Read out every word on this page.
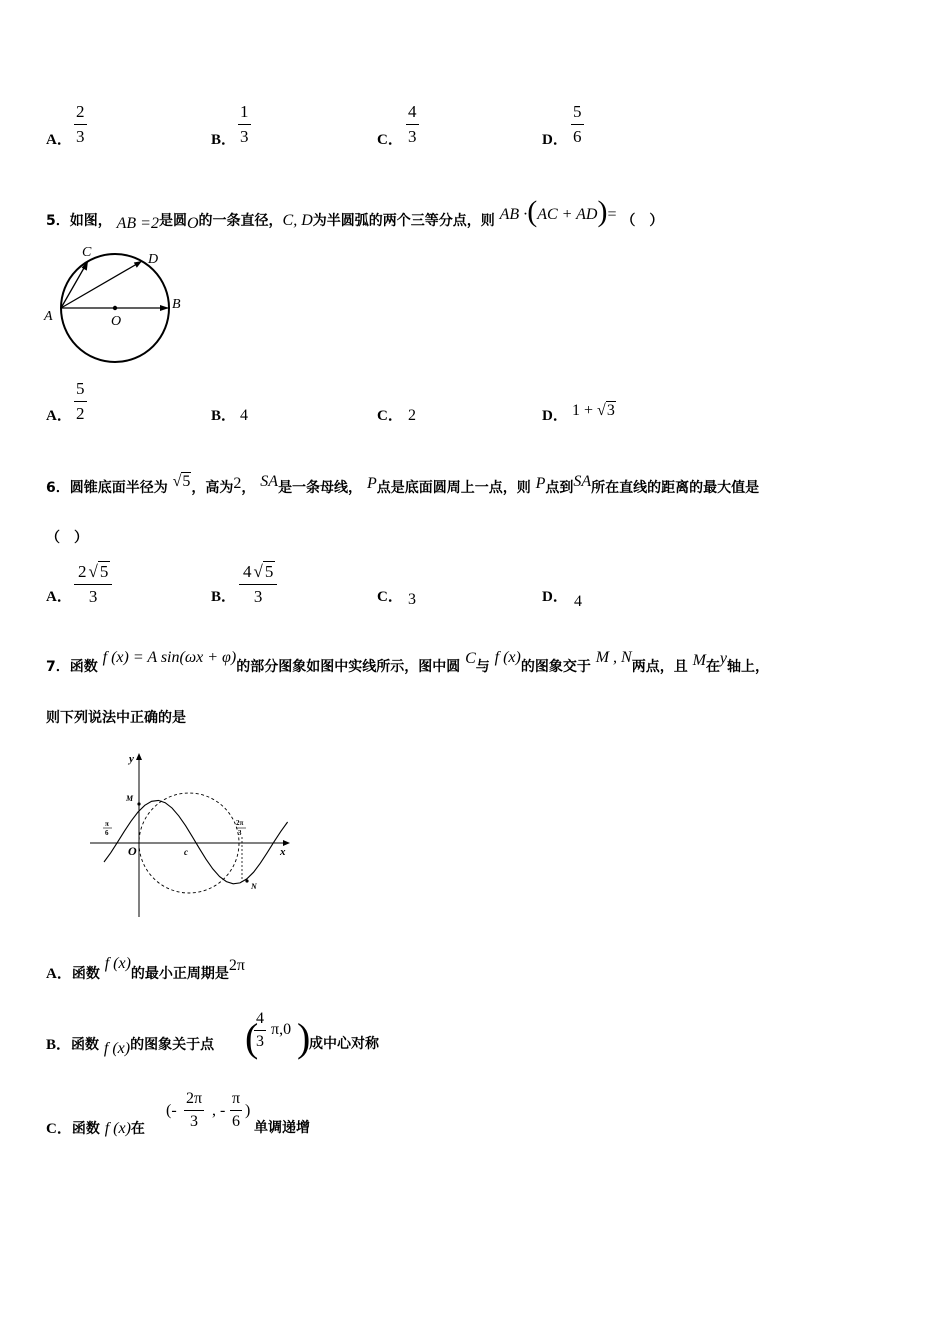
A．
2
3	B．
1
3	C．
4
3	D．
5
6
5．如图， AB =2是圆O的一条直径，C, D为半圆弧的两个三等分点，则 AB ·(AC + AD)= （　）
A
B
C	D
O
A．
5
2	B． 4	C． 2	D． 1 + √3
6．圆锥底面半径为 √5，高为2， SA是一条母线， P点是底面圆周上一点，则 P点到SA所在直线的距离的最大值是
（　）
A．
2 √ 5
3	B．
4 √ 5
3	C． 3	D． 4
7．函数 f (x) = A sin(ωx + φ)的部分图象如图中实线所示，图中圆 C与 f (x)的图象交于 M , N两点，且 M在y轴上，
则下列说法中正确的是
y
x
O
M
N
c
π
6
2π
3
A．函数 f (x)的最小正周期是2π
B．函数 f (x)的图象关于点 (
4
3
π,0 )
成中心对称
C．函数 f (x)在
(-
2π
3
, -
π
6
)
单调递增
